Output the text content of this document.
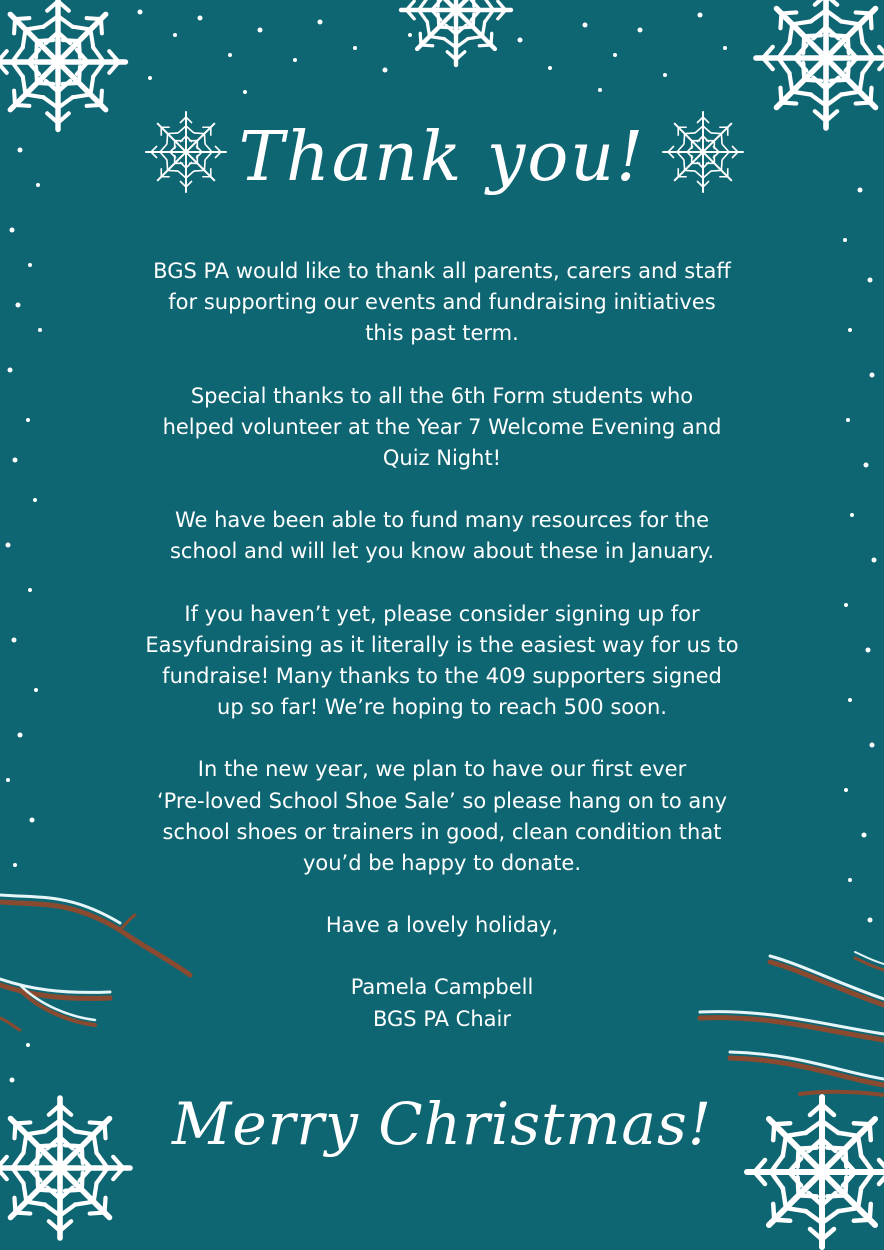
Thank you!

BGS PA would like to thank all parents, carers and staff
for supporting our events and fundraising initiatives
this past term.

Special thanks to all the 6th Form students who
helped volunteer at the Year 7 Welcome Evening and
Quiz Night!

We have been able to fund many resources for the
school and will let you know about these in January.

If you haven’t yet, please consider signing up for
Easyfundraising as it literally is the easiest way for us to
fundraise! Many thanks to the 409 supporters signed
up so far! We’re hoping to reach 500 soon.

In the new year, we plan to have our first ever
‘Pre-loved School Shoe Sale’ so please hang on to any
school shoes or trainers in good, clean condition that
you’d be happy to donate.

Have a lovely holiday,

Pamela Campbell
BGS PA Chair
Merry Christmas!
